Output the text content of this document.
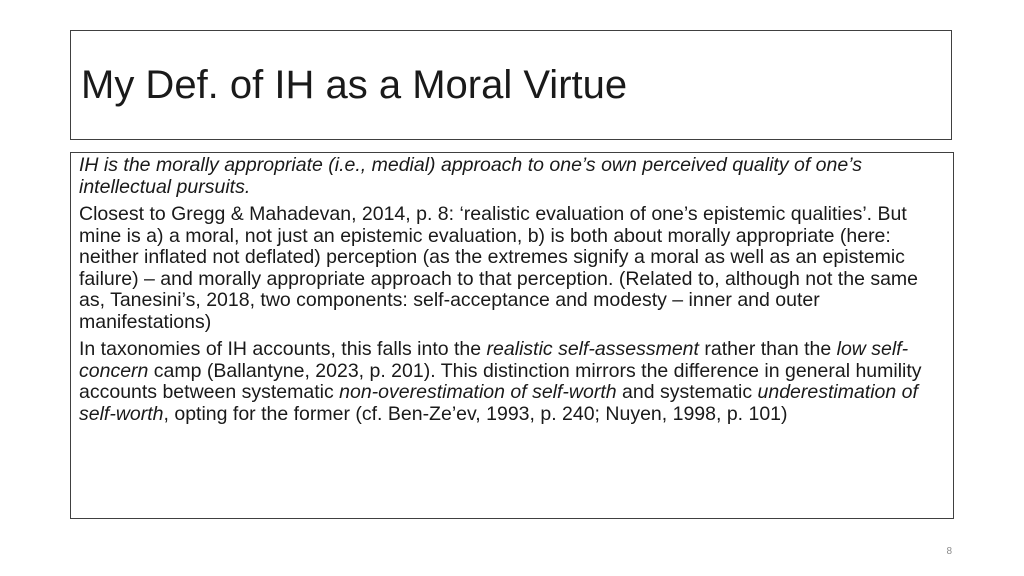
My Def. of IH as a Moral Virtue

IH is the morally appropriate (i.e., medial) approach to one’s own perceived quality of one’s intellectual pursuits.

Closest to Gregg & Mahadevan, 2014, p. 8: ‘realistic evaluation of one’s epistemic qualities’. But mine is a) a moral, not just an epistemic evaluation, b) is both about morally appropriate (here: neither inflated not deflated) perception (as the extremes signify a moral as well as an epistemic failure) – and morally appropriate approach to that perception. (Related to, although not the same as, Tanesini’s, 2018, two components: self-acceptance and modesty – inner and outer manifestations)

In taxonomies of IH accounts, this falls into the realistic self-assessment rather than the low self-concern camp (Ballantyne, 2023, p. 201). This distinction mirrors the difference in general humility accounts between systematic non-overestimation of self-worth and systematic underestimation of self-worth, opting for the former (cf. Ben-Ze’ev, 1993, p. 240; Nuyen, 1998, p. 101)

8
